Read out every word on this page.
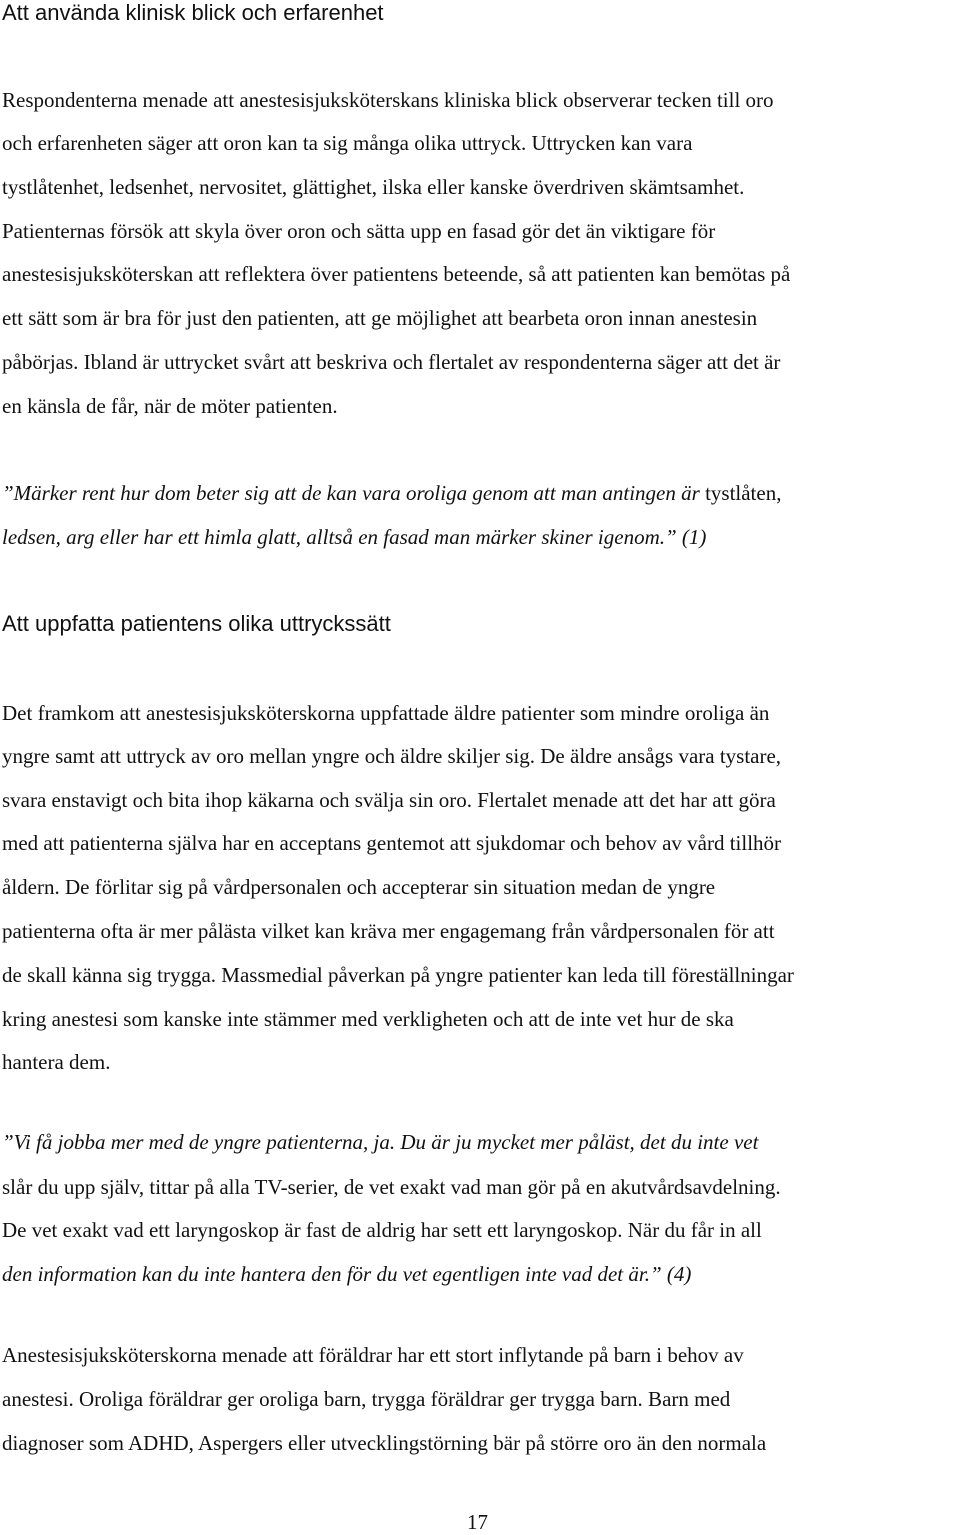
Att använda klinisk blick och erfarenhet
Respondenterna menade att anestesisjuksköterskans kliniska blick observerar tecken till oro
och erfarenheten säger att oron kan ta sig många olika uttryck. Uttrycken kan vara
tystlåtenhet, ledsenhet, nervositet, glättighet, ilska eller kanske överdriven skämtsamhet.
Patienternas försök att skyla över oron och sätta upp en fasad gör det än viktigare för
anestesisjuksköterskan att reflektera över patientens beteende, så att patienten kan bemötas på
ett sätt som är bra för just den patienten, att ge möjlighet att bearbeta oron innan anestesin
påbörjas. Ibland är uttrycket svårt att beskriva och flertalet av respondenterna säger att det är
en känsla de får, när de möter patienten.
”Märker rent hur dom beter sig att de kan vara oroliga genom att man antingen är tystlåten,
ledsen, arg eller har ett himla glatt, alltså en fasad man märker skiner igenom.” (1)
Att uppfatta patientens olika uttryckssätt
Det framkom att anestesisjuksköterskorna uppfattade äldre patienter som mindre oroliga än
yngre samt att uttryck av oro mellan yngre och äldre skiljer sig. De äldre ansågs vara tystare,
svara enstavigt och bita ihop käkarna och svälja sin oro. Flertalet menade att det har att göra
med att patienterna själva har en acceptans gentemot att sjukdomar och behov av vård tillhör
åldern. De förlitar sig på vårdpersonalen och accepterar sin situation medan de yngre
patienterna ofta är mer pålästa vilket kan kräva mer engagemang från vårdpersonalen för att
de skall känna sig trygga. Massmedial påverkan på yngre patienter kan leda till föreställningar
kring anestesi som kanske inte stämmer med verkligheten och att de inte vet hur de ska
hantera dem.
”Vi få jobba mer med de yngre patienterna, ja. Du är ju mycket mer påläst, det du inte vet
slår du upp själv, tittar på alla TV-serier, de vet exakt vad man gör på en akutvårdsavdelning.
De vet exakt vad ett laryngoskop är fast de aldrig har sett ett laryngoskop. När du får in all
den information kan du inte hantera den för du vet egentligen inte vad det är.” (4)
Anestesisjuksköterskorna menade att föräldrar har ett stort inflytande på barn i behov av
anestesi. Oroliga föräldrar ger oroliga barn, trygga föräldrar ger trygga barn. Barn med
diagnoser som ADHD, Aspergers eller utvecklingstörning bär på större oro än den normala
17
